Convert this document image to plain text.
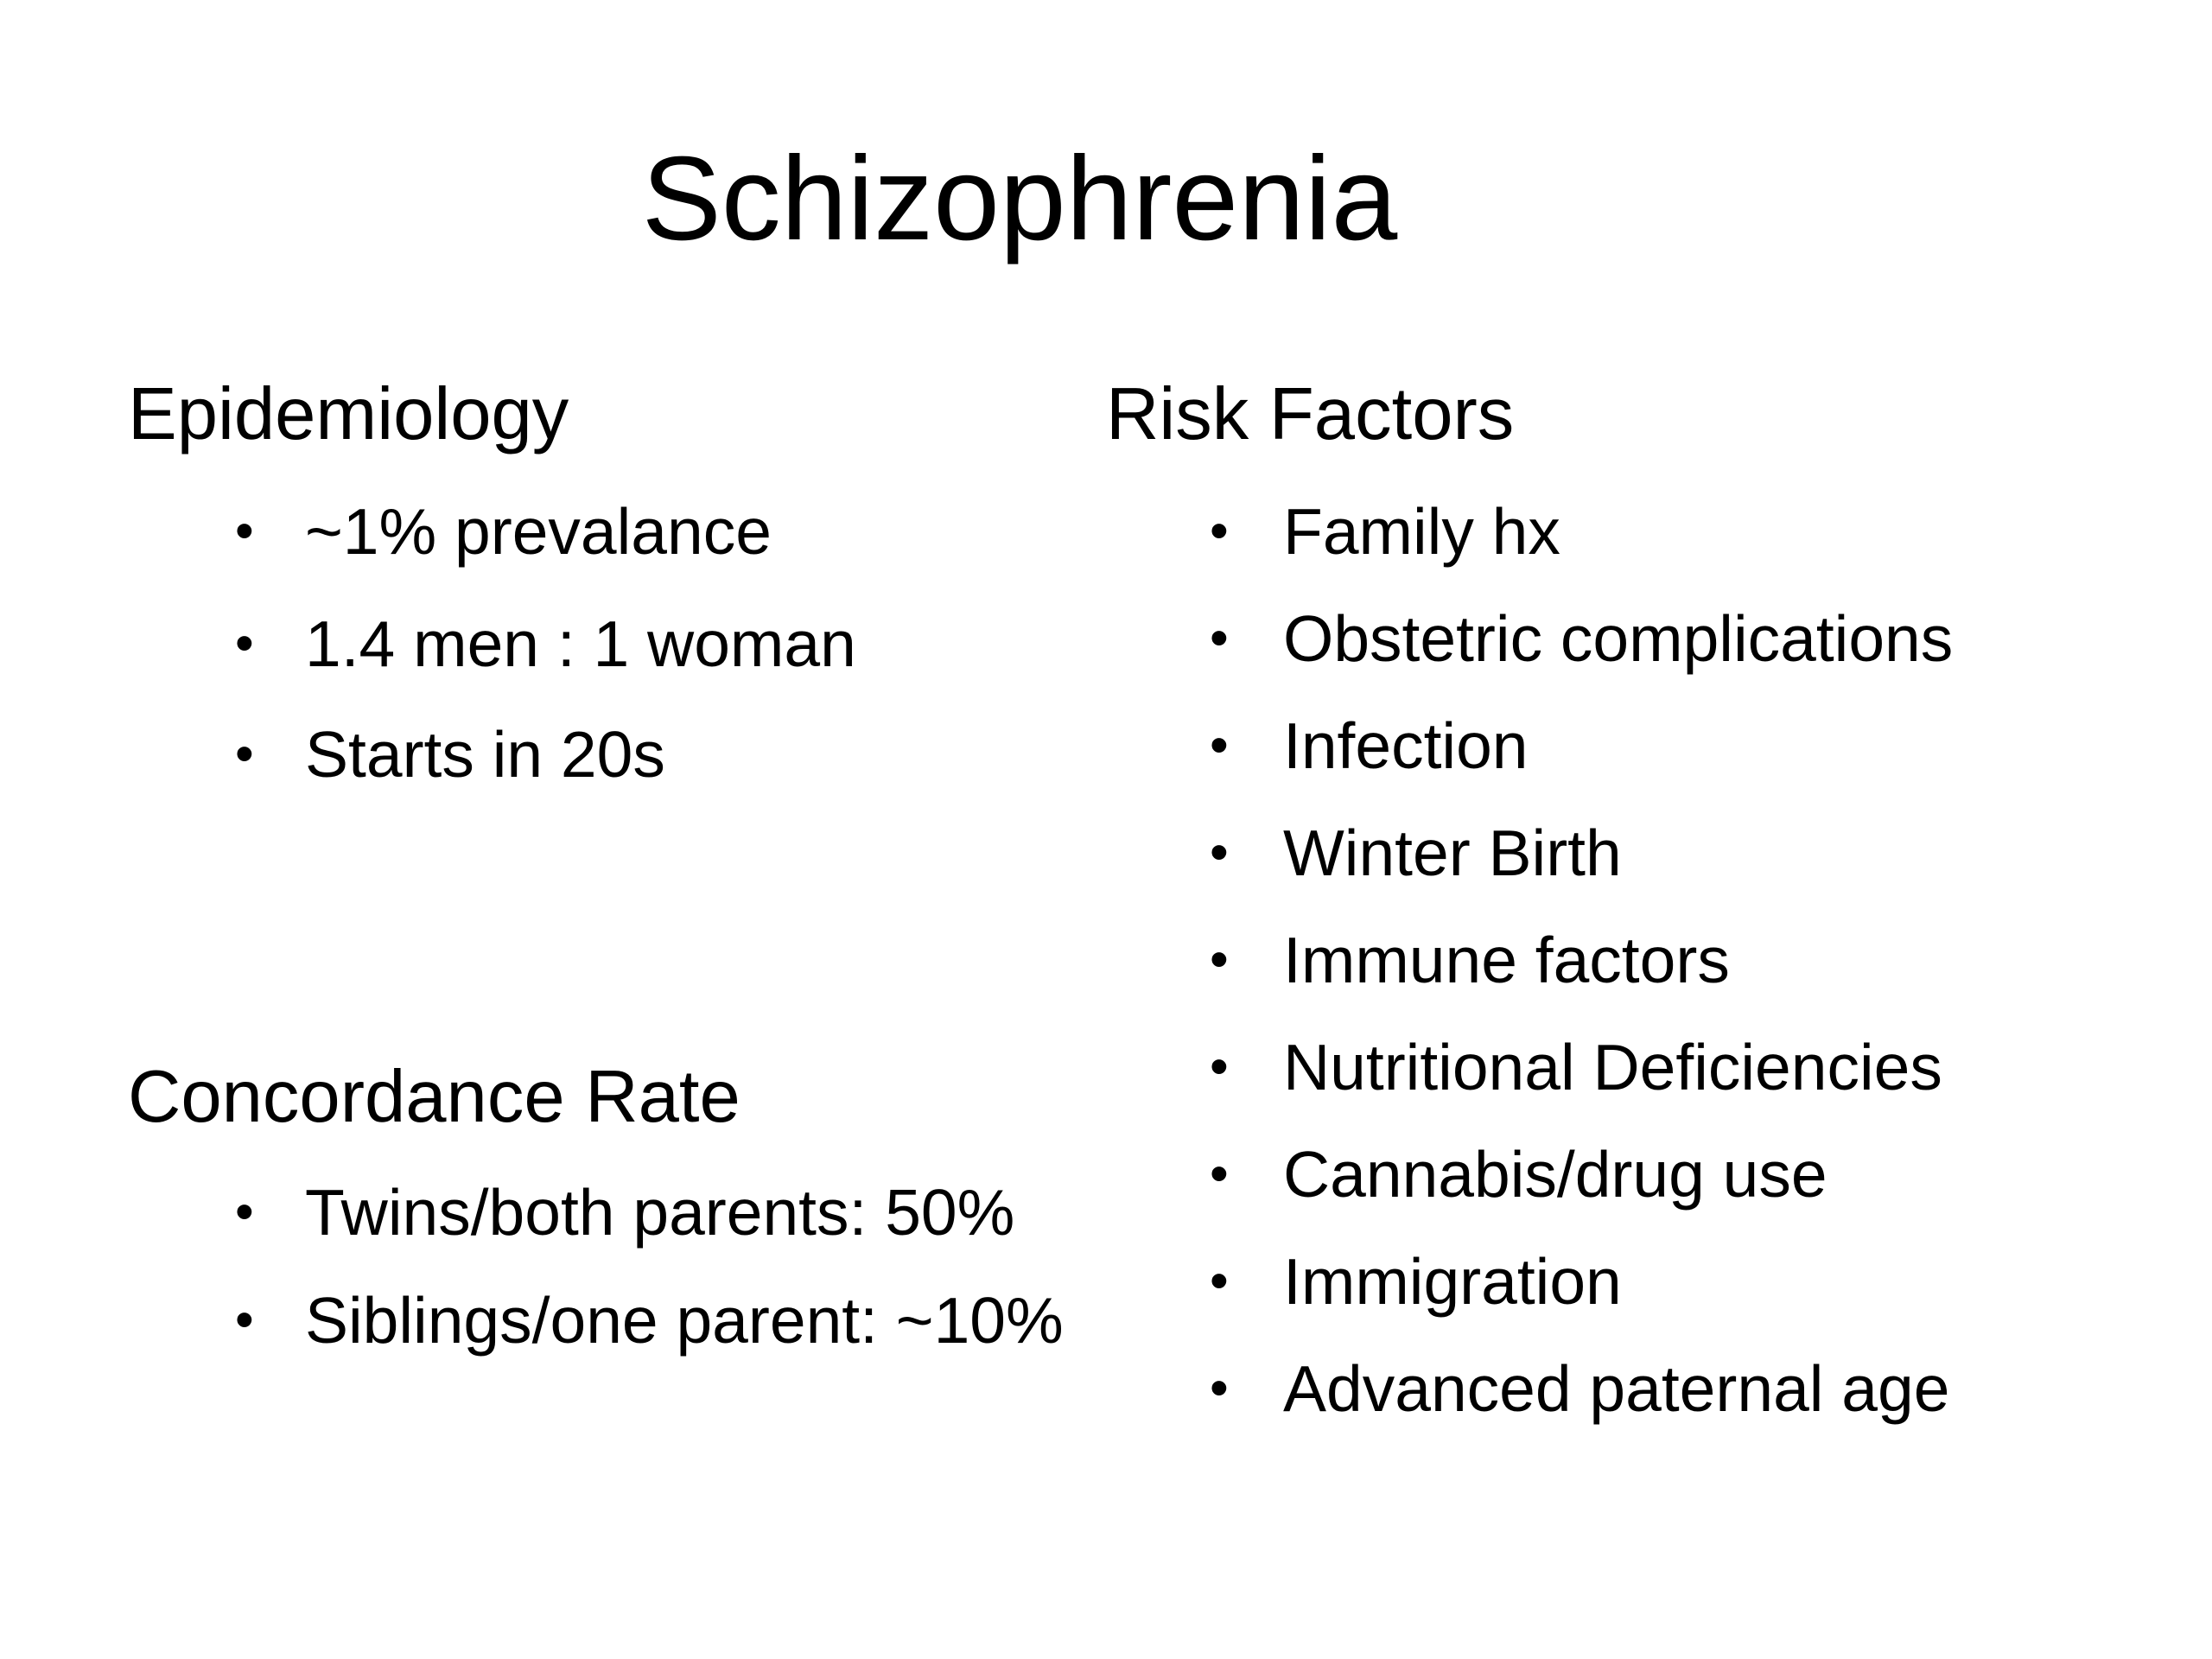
Schizophrenia
Epidemiology
• ~1% prevalance
• 1.4 men : 1 woman
• Starts in 20s
Concordance Rate
• Twins/both parents: 50%
• Siblings/one parent: ~10%
Risk Factors
• Family hx
• Obstetric complications
• Infection
• Winter Birth
• Immune factors
• Nutritional Deficiencies
• Cannabis/drug use
• Immigration
• Advanced paternal age
